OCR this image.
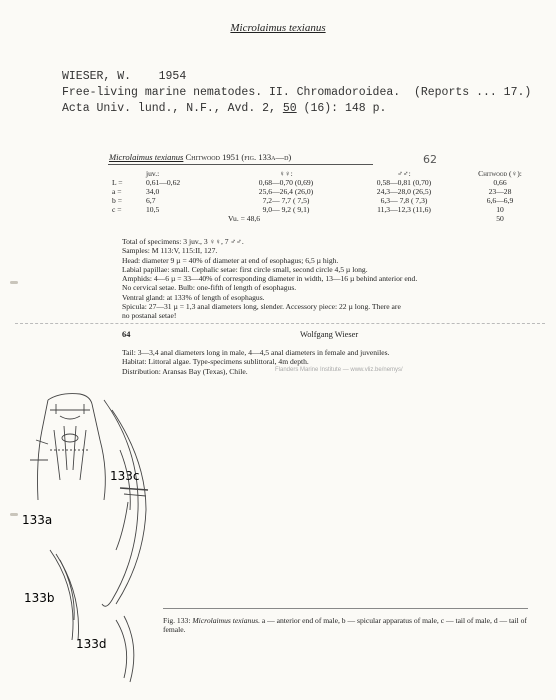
Microlaimus texianus
WIESER, W. 1954
Free-living marine nematodes. II. Chromadoroidea.  (Reports ... 17.)
Acta Univ. lund., N.F., Avd. 2, 50 (16): 148 p.
Microlaimus texianus Chitwood 1951 (fig. 133a—d)	62
	juv.:	♀♀:	♂♂:	Chitwood (♀):
L =	0,61—0,62	0,68—0,70 (0,69)	0,58—0,81 (0,70)	0,66
a =	34,0	25,6—26,4 (26,0)	24,3—28,0 (26,5)	23—28
b =	6,7	7,2— 7,7 ( 7,5)	6,3— 7,8 ( 7,3)	6,6—6,9
c =	10,5	9,0— 9,2 ( 9,1)	11,3—12,3 (11,6)	10
		Vu. = 48,6		50
Total of specimens: 3 juv., 3 ♀♀, 7 ♂♂.
Samples: M 113:V, 115:II, 127.
Head: diameter 9 µ = 40% of diameter at end of esophagus; 6,5 µ high.
Labial papillae: small. Cephalic setae: first circle small, second circle 4,5 µ long.
Amphids: 4—6 µ = 33—40% of corresponding diameter in width, 13—16 µ behind anterior end.
No cervical setae. Bulb: one-fifth of length of esophagus.
Ventral gland: at 133% of length of esophagus.
Spicula: 27—31 µ = 1,3 anal diameters long, slender. Accessory piece: 22 µ long. There are
no postanal setae!
64	Wolfgang Wieser
Tail: 3—3,4 anal diameters long in male, 4—4,5 anal diameters in female and juveniles.
Habitat: Littoral algae. Type-specimens sublittoral, 4m depth.
Distribution: Aransas Bay (Texas), Chile.	Flanders Marine Institute — www.vliz.be/nemys/
133a
133c
133b
133d
Fig. 133: Microlaimus texianus. a — anterior end of male, b — spicular apparatus of male, c — tail of male, d — tail of female.
